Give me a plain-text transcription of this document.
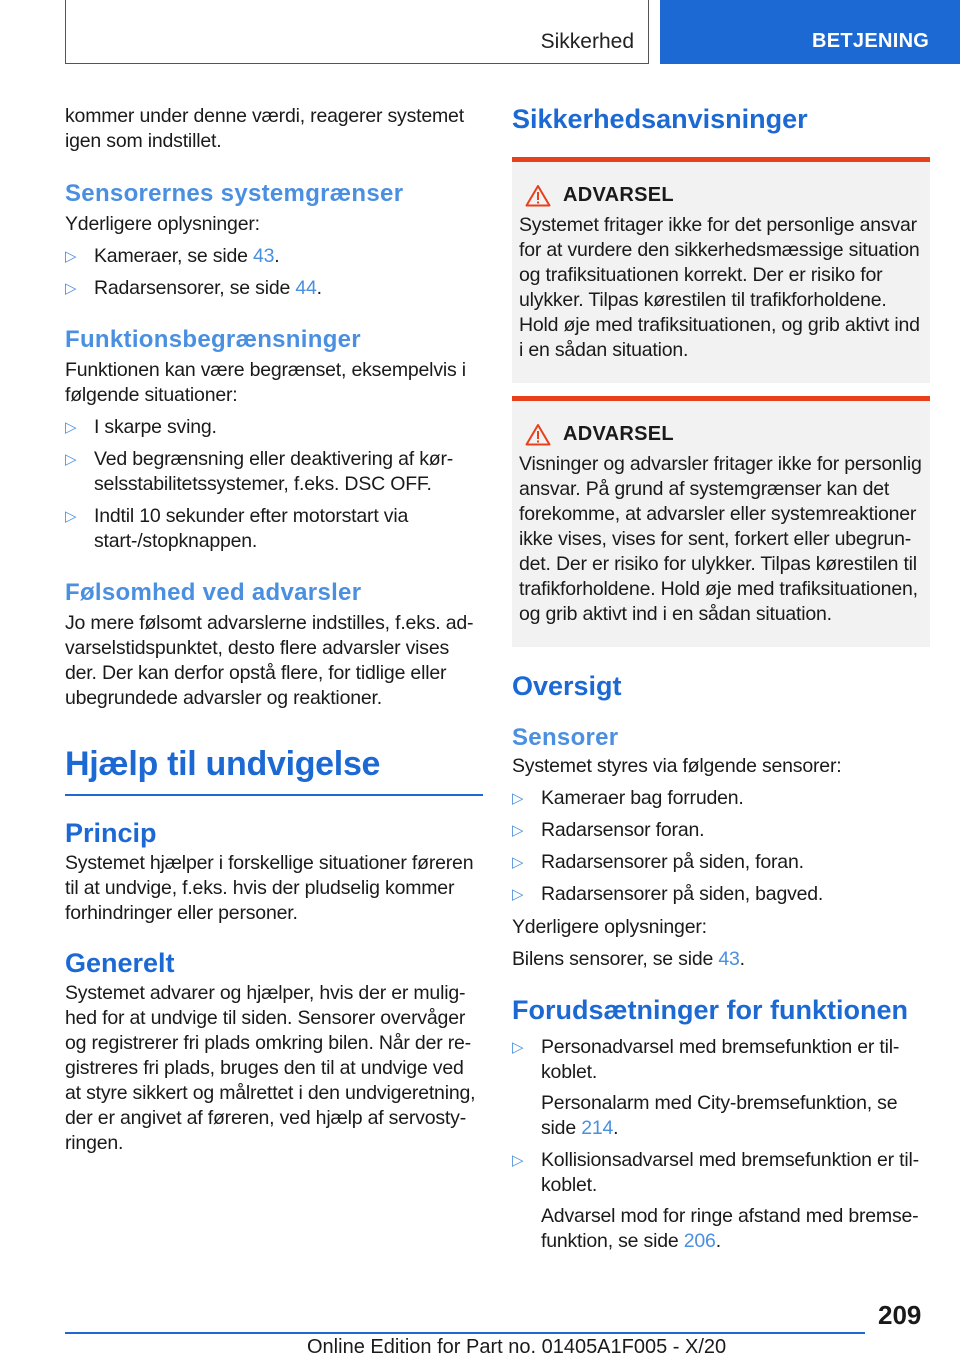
Sikkerhed	BETJENING

kommer under denne værdi, reagerer systemet igen som indstillet.

Sensorernes systemgrænser

Yderligere oplysninger:

▷ Kameraer, se side 43.
▷ Radarsensorer, se side 44.
Funktionsbegrænsninger

Funktionen kan være begrænset, eksempelvis i følgende situationer:

▷ I skarpe sving.
▷ Ved begrænsning eller deaktivering af kørselsstabilitetssystemer, f.eks. DSC OFF.
▷ Indtil 10 sekunder efter motorstart via start-/stopknappen.
Følsomhed ved advarsler

Jo mere følsomt advarslerne indstilles, f.eks. advarselstidspunktet, desto flere advarsler vises der. Der kan derfor opstå flere, for tidlige eller ubegrundede advarsler og reaktioner.

Hjælp til undvigelse
Princip

Systemet hjælper i forskellige situationer føreren til at undvige, f.eks. hvis der pludselig kommer forhindringer eller personer.

Generelt

Systemet advarer og hjælper, hvis der er mulighed for at undvige til siden. Sensorer overvåger og registrerer fri plads omkring bilen. Når der registreres fri plads, bruges den til at undvige ved at styre sikkert og målrettet i den undvigeretning, der er angivet af føreren, ved hjælp af servostyringen.

Sikkerhedsanvisninger
ADVARSEL

Systemet fritager ikke for det personlige ansvar for at vurdere den sikkerhedsmæssige situation og trafiksituationen korrekt. Der er risiko for ulykker. Tilpas kørestilen til trafikforholdene. Hold øje med trafiksituationen, og grib aktivt ind i en sådan situation.

ADVARSEL

Visninger og advarsler fritager ikke for personlig ansvar. På grund af systemgrænser kan det forekomme, at advarsler eller systemreaktioner ikke vises, vises for sent, forkert eller ubegrundet. Der er risiko for ulykker. Tilpas kørestilen til trafikforholdene. Hold øje med trafiksituationen, og grib aktivt ind i en sådan situation.

Oversigt
Sensorer

Systemet styres via følgende sensorer:

▷ Kameraer bag forruden.
▷ Radarsensor foran.
▷ Radarsensorer på siden, foran.
▷ Radarsensorer på siden, bagved.

Yderligere oplysninger:

Bilens sensorer, se side 43.

Forudsætninger for funktionen
▷ Personadvarsel med bremsefunktion er tilkoblet.
Personalarm med City-bremsefunktion, se side 214.
▷ Kollisionsadvarsel med bremsefunktion er tilkoblet.
Advarsel mod for ringe afstand med bremsefunktion, se side 206.
209
Online Edition for Part no. 01405A1F005 - X/20
